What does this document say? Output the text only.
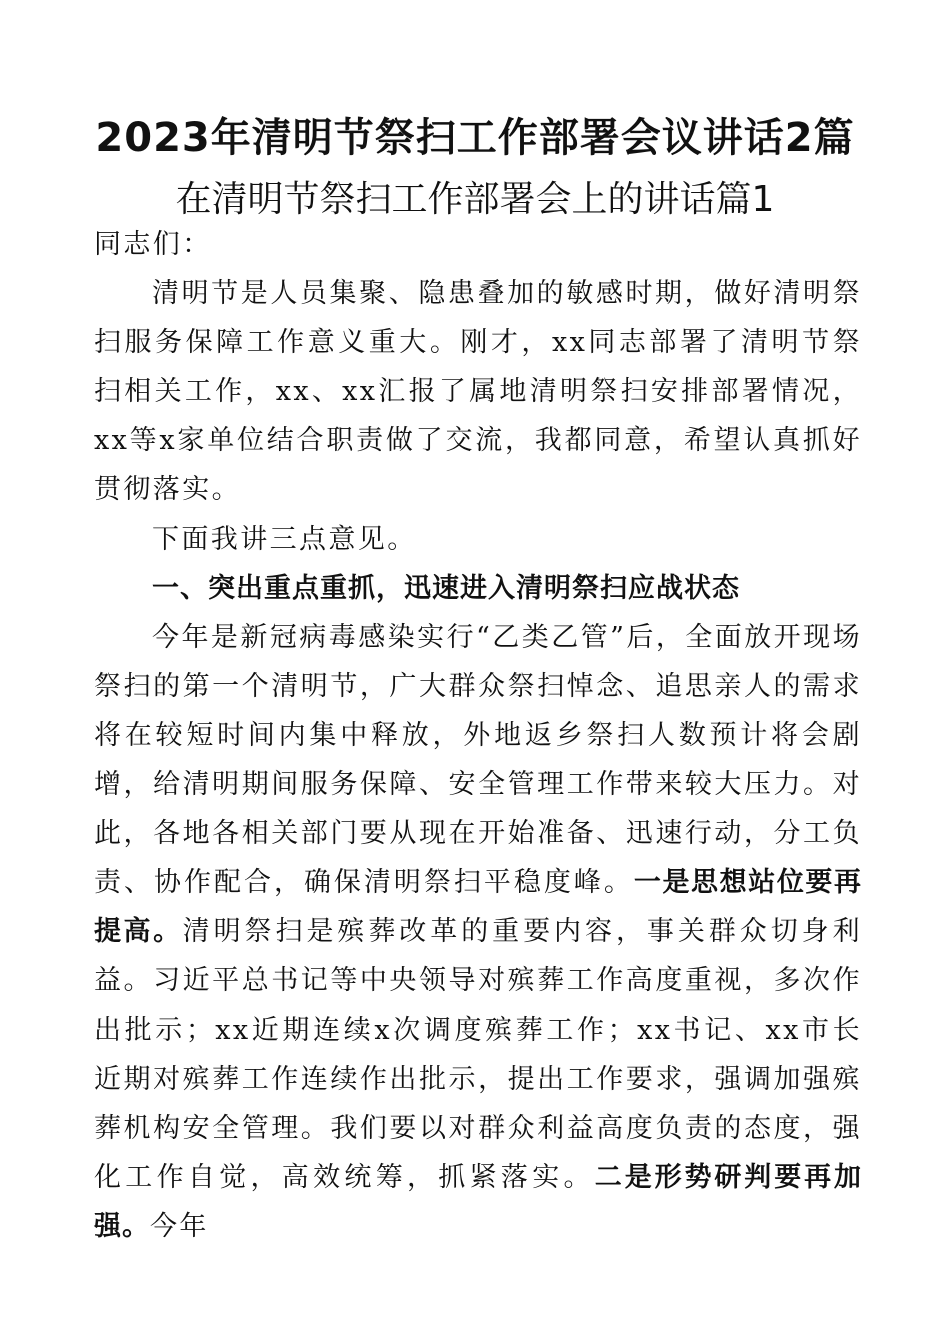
2023年清明节祭扫工作部署会议讲话2篇
在清明节祭扫工作部署会上的讲话篇1

同志们：

清明节是人员集聚、隐患叠加的敏感时期，做好清明祭扫服务保障工作意义重大。刚才，xx同志部署了清明节祭扫相关工作，xx、xx汇报了属地清明祭扫安排部署情况，xx等x家单位结合职责做了交流，我都同意，希望认真抓好贯彻落实。

下面我讲三点意见。

一、突出重点重抓，迅速进入清明祭扫应战状态

今年是新冠病毒感染实行“乙类乙管”后，全面放开现场祭扫的第一个清明节，广大群众祭扫悼念、追思亲人的需求将在较短时间内集中释放，外地返乡祭扫人数预计将会剧增，给清明期间服务保障、安全管理工作带来较大压力。对此，各地各相关部门要从现在开始准备、迅速行动，分工负责、协作配合，确保清明祭扫平稳度峰。一是思想站位要再提高。清明祭扫是殡葬改革的重要内容，事关群众切身利益。习近平总书记等中央领导对殡葬工作高度重视，多次作出批示；xx近期连续x次调度殡葬工作；xx书记、xx市长近期对殡葬工作连续作出批示，提出工作要求，强调加强殡葬机构安全管理。我们要以对群众利益高度负责的态度，强化工作自觉，高效统筹，抓紧落实。二是形势研判要再加强。今年
